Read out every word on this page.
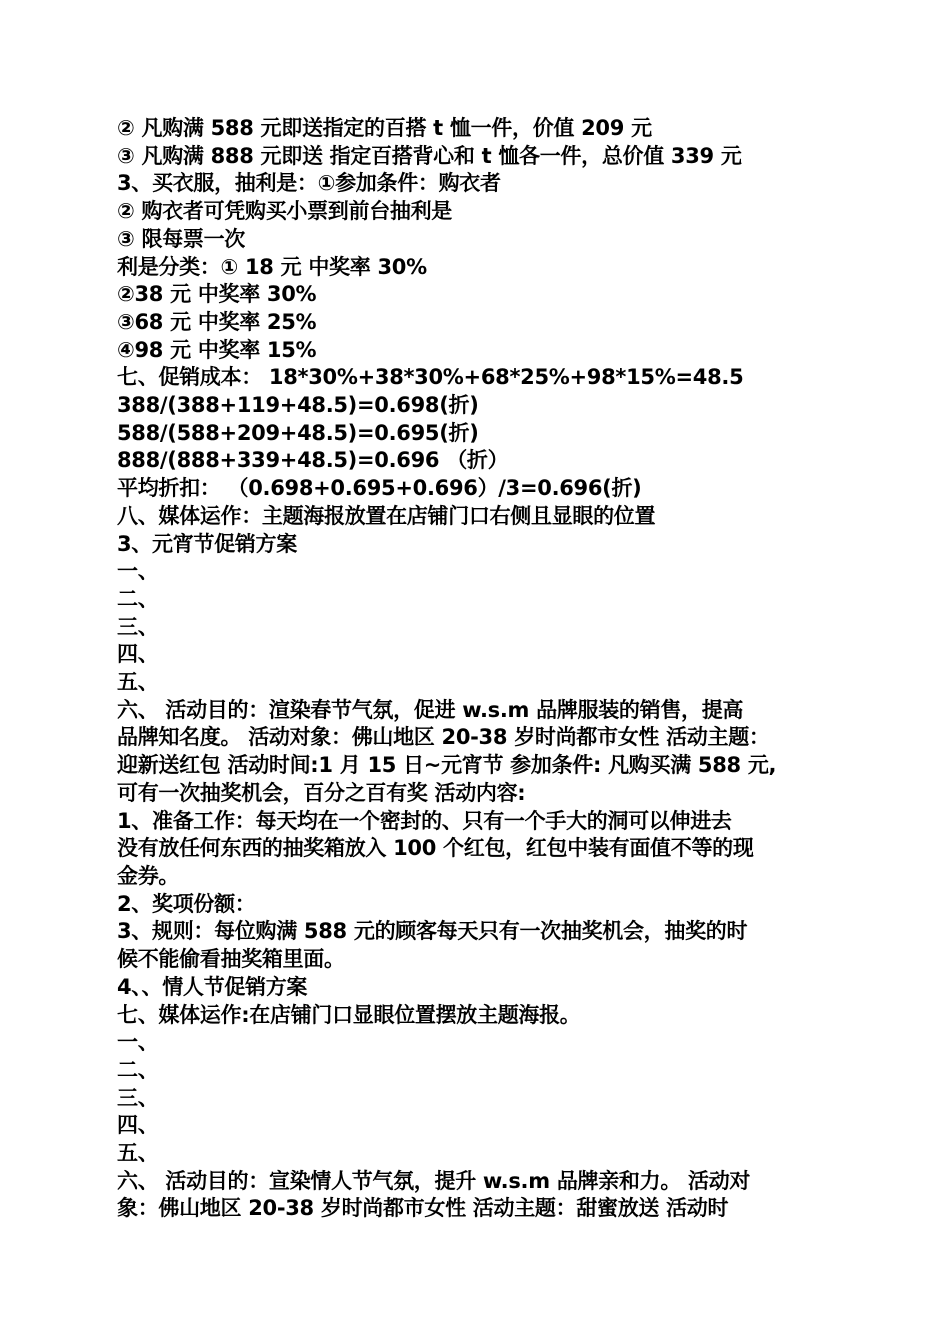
② 凡购满 588 元即送指定的百搭 t 恤一件，价值 209 元
③ 凡购满 888 元即送 指定百搭背心和 t 恤各一件，总价值 339 元
3、买衣服，抽利是：①参加条件：购衣者
② 购衣者可凭购买小票到前台抽利是
③ 限每票一次
利是分类：① 18 元 中奖率 30%
②38 元 中奖率 30%
③68 元 中奖率 25%
④98 元 中奖率 15%
七、促销成本： 18*30%+38*30%+68*25%+98*15%=48.5
388/(388+119+48.5)=0.698(折)
588/(588+209+48.5)=0.695(折)
888/(888+339+48.5)=0.696 （折）
平均折扣： （0.698+0.695+0.696）/3=0.696(折)
八、媒体运作：主题海报放置在店铺门口右侧且显眼的位置
3、元宵节促销方案
一、
二、
三、
四、
五、
六、 活动目的：渲染春节气氛，促进 w.s.m 品牌服装的销售，提高
品牌知名度。 活动对象：佛山地区 20-38 岁时尚都市女性 活动主题：
迎新送红包 活动时间:1 月 15 日~元宵节 参加条件: 凡购买满 588 元,
可有一次抽奖机会，百分之百有奖 活动内容:
1、准备工作：每天均在一个密封的、只有一个手大的洞可以伸进去
没有放任何东西的抽奖箱放入 100 个红包，红包中装有面值不等的现
金券。
2、奖项份额：
3、规则：每位购满 588 元的顾客每天只有一次抽奖机会，抽奖的时
候不能偷看抽奖箱里面。
4、、情人节促销方案
七、媒体运作:在店铺门口显眼位置摆放主题海报。
一、
二、
三、
四、
五、
六、 活动目的：宣染情人节气氛，提升 w.s.m 品牌亲和力。 活动对
象：佛山地区 20-38 岁时尚都市女性 活动主题：甜蜜放送 活动时
